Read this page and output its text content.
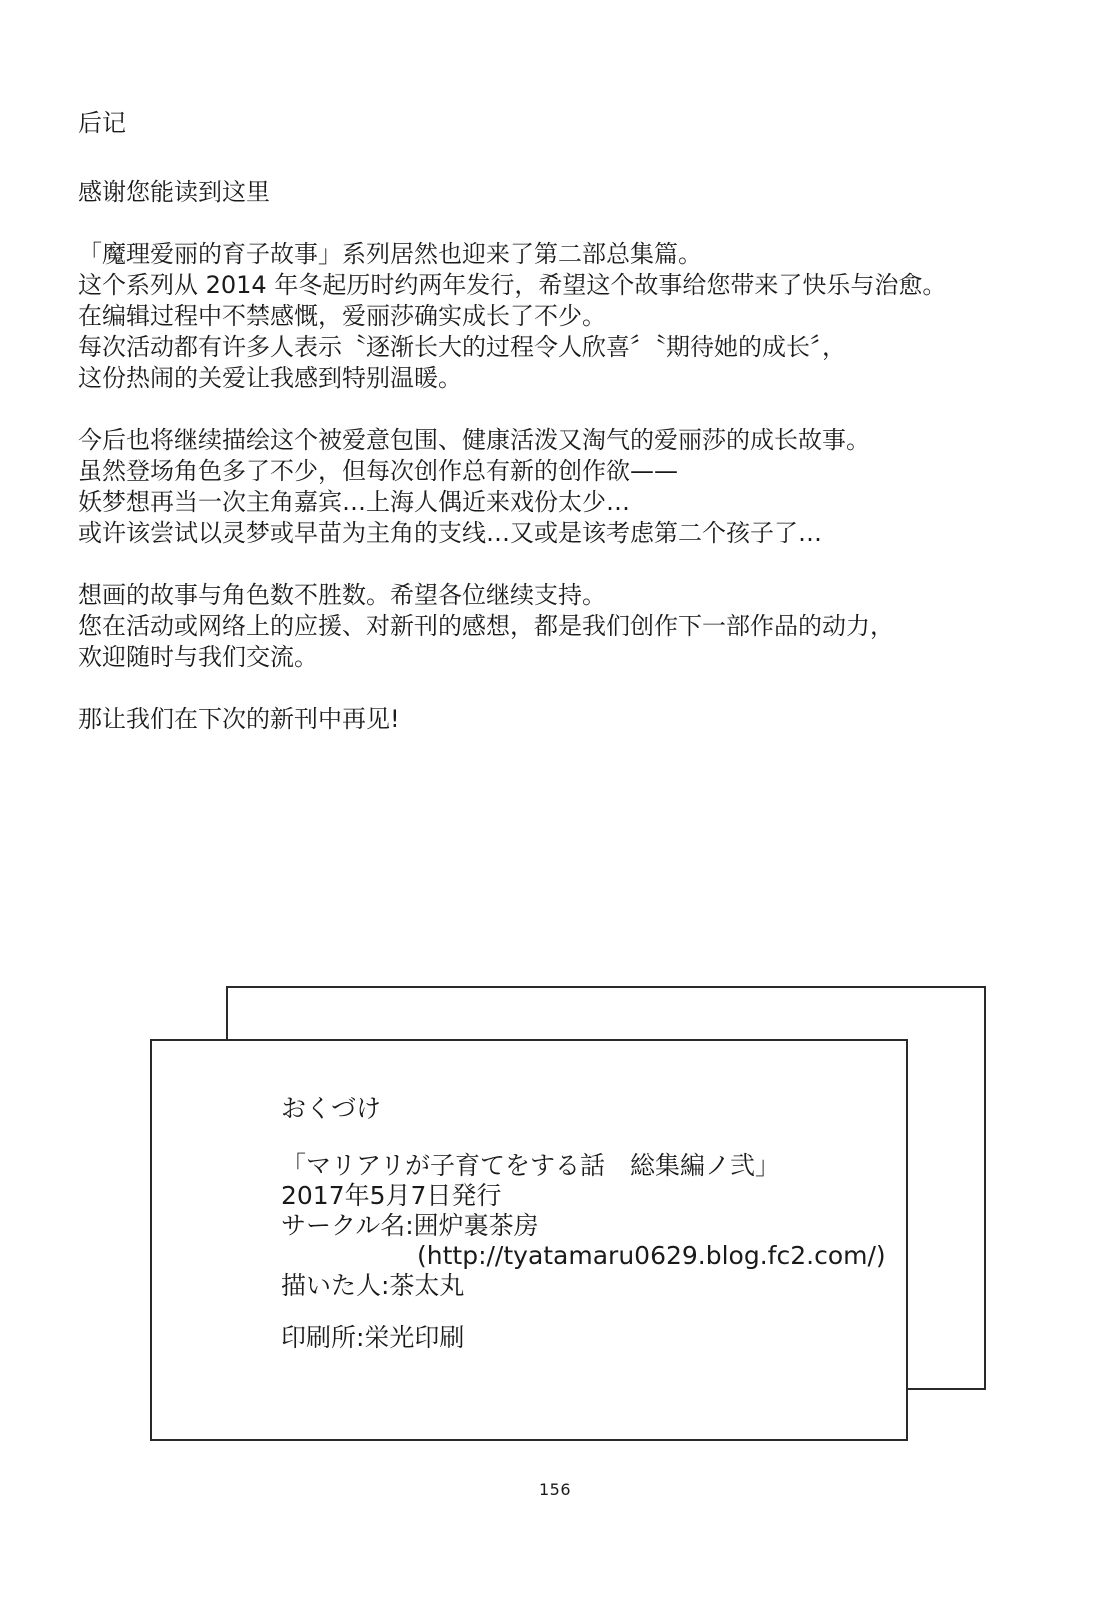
后记
感谢您能读到这里
「魔理爱丽的育子故事」系列居然也迎来了第二部总集篇。
这个系列从 2014 年冬起历时约两年发行，希望这个故事给您带来了快乐与治愈。
在编辑过程中不禁感慨，爱丽莎确实成长了不少。
每次活动都有许多人表示〝逐渐长大的过程令人欣喜〞〝期待她的成长〞，
这份热闹的关爱让我感到特别温暖。
今后也将继续描绘这个被爱意包围、健康活泼又淘气的爱丽莎的成长故事。
虽然登场角色多了不少，但每次创作总有新的创作欲——
妖梦想再当一次主角嘉宾…上海人偶近来戏份太少…
或许该尝试以灵梦或早苗为主角的支线…又或是该考虑第二个孩子了…
想画的故事与角色数不胜数。希望各位继续支持。
您在活动或网络上的应援、对新刊的感想，都是我们创作下一部作品的动力，
欢迎随时与我们交流。
那让我们在下次的新刊中再见!
おくづけ
「マリアリが子育てをする話　総集編ノ弐」
2017年5月7日発行
サークル名:囲炉裏茶房
(http://tyatamaru0629.blog.fc2.com/)
描いた人:茶太丸
印刷所:栄光印刷
156
